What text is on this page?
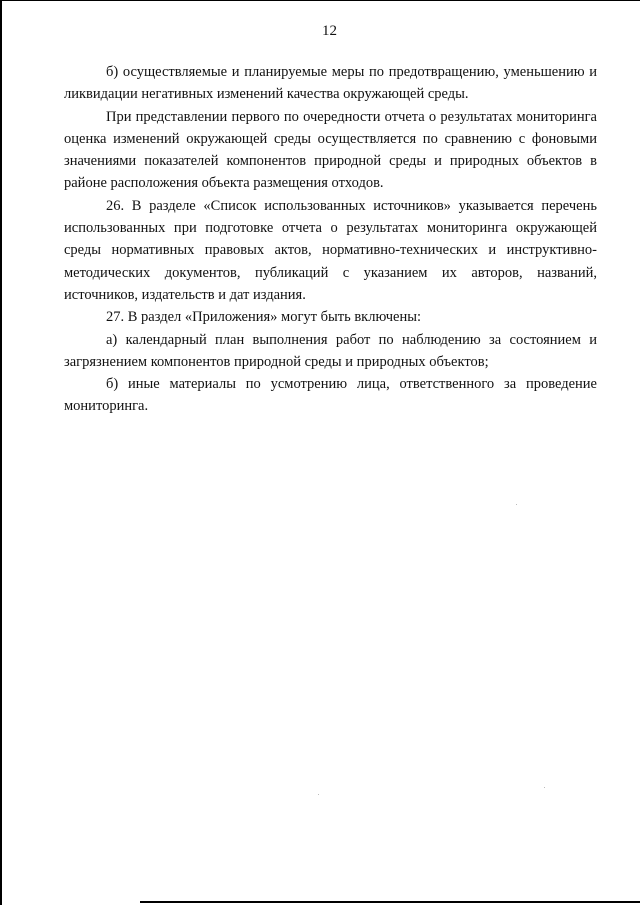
12

б) осуществляемые и планируемые меры по предотвращению, уменьшению и ликвидации негативных изменений качества окружающей среды.

При представлении первого по очередности отчета о результатах мониторинга оценка изменений окружающей среды осуществляется по сравнению с фоновыми значениями показателей компонентов природной среды и природных объектов в районе расположения объекта размещения отходов.

26. В разделе «Список использованных источников» указывается перечень использованных при подготовке отчета о результатах мониторинга окружающей среды нормативных правовых актов, нормативно-технических и инструктивно-методических документов, публикаций с указанием их авторов, названий, источников, издательств и дат издания.

27. В раздел «Приложения» могут быть включены:

а) календарный план выполнения работ по наблюдению за состоянием и загрязнением компонентов природной среды и природных объектов;

б) иные материалы по усмотрению лица, ответственного за проведение мониторинга.
